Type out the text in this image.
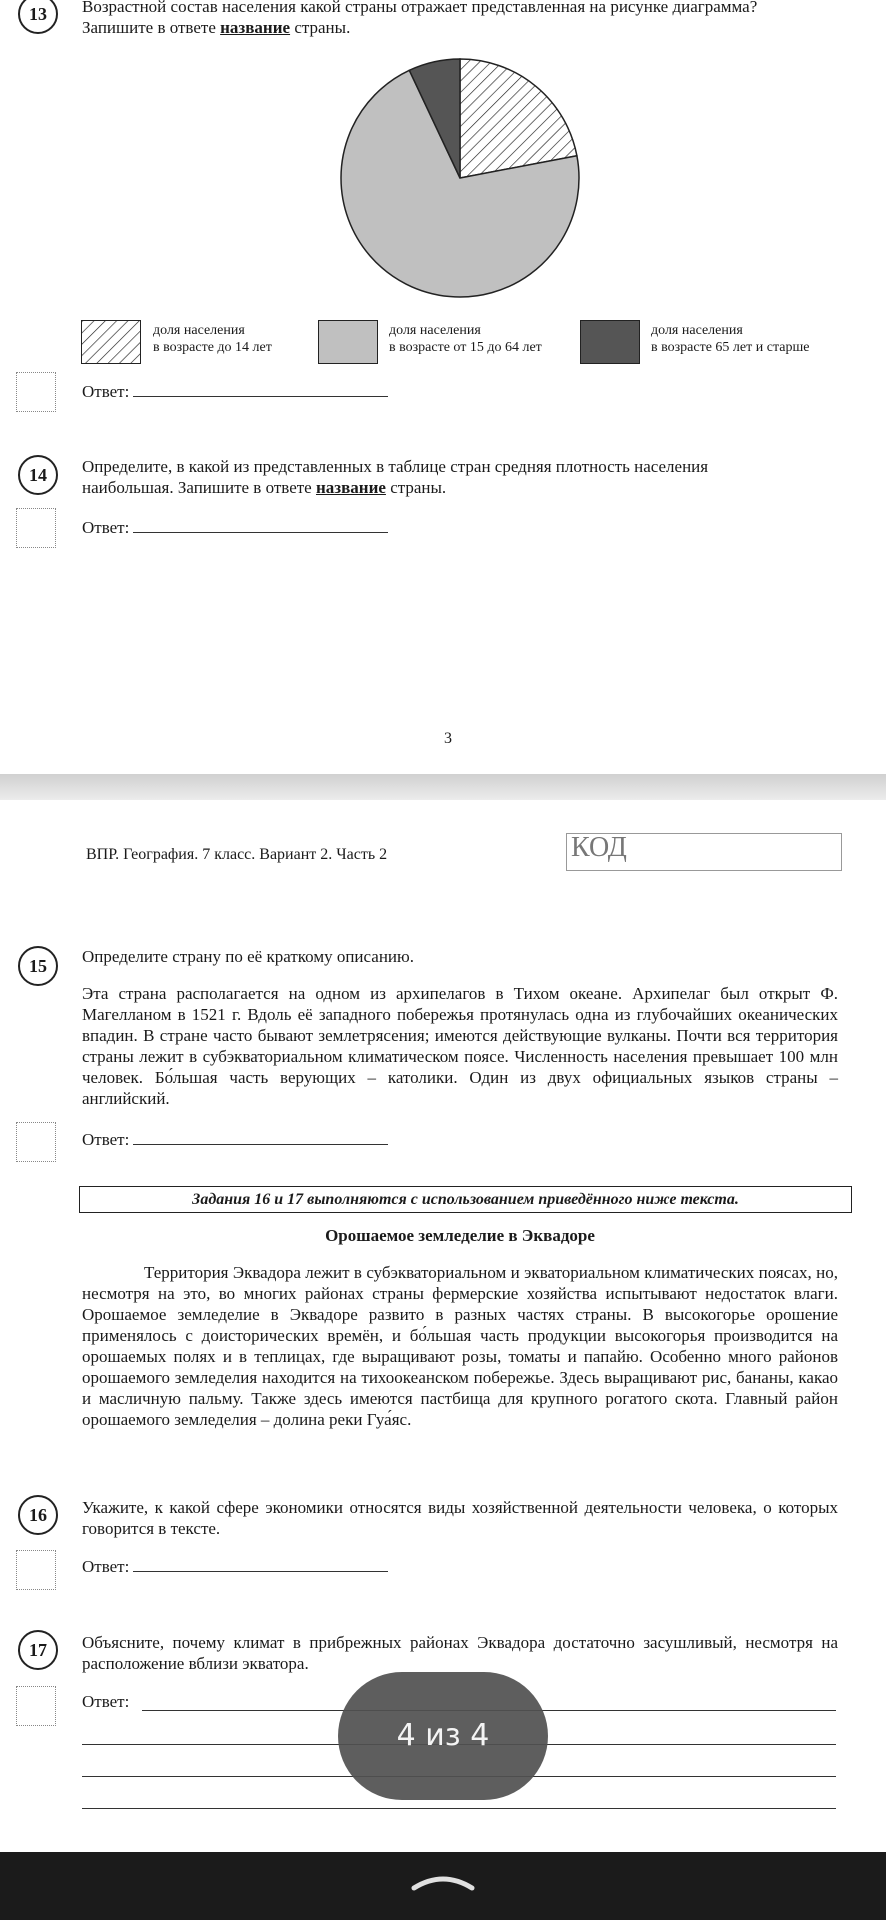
13	Возрастной состав населения какой страны отражает представленная на рисунке диаграмма?
Запишите в ответе название страны.
доля населения
в возрасте до 14 лет
доля населения
в возрасте от 15 до 64 лет
доля населения
в возрасте 65 лет и старше
Ответ:
14	Определите, в какой из представленных в таблице стран средняя плотность населения
наибольшая. Запишите в ответе название страны.
Ответ:
3
ВПР. География. 7 класс. Вариант 2. Часть 2	КОД
15	Определите страну по её краткому описанию.
Эта страна располагается на одном из архипелагов в Тихом океане. Архипелаг был открыт Ф. Магелланом в 1521 г. Вдоль её западного побережья протянулась одна из глубочайших океанических впадин. В стране часто бывают землетрясения; имеются действующие вулканы. Почти вся территория страны лежит в субэкваториальном климатическом поясе. Численность населения превышает 100 млн человек. Бо́льшая часть верующих – католики. Один из двух официальных языков страны – английский.
Ответ:
Задания 16 и 17 выполняются с использованием приведённого ниже текста.
Орошаемое земледелие в Эквадоре
Территория Эквадора лежит в субэкваториальном и экваториальном климатических поясах, но, несмотря на это, во многих районах страны фермерские хозяйства испытывают недостаток влаги. Орошаемое земледелие в Эквадоре развито в разных частях страны. В высокогорье орошение применялось с доисторических времён, и бо́льшая часть продукции высокогорья производится на орошаемых полях и в теплицах, где выращивают розы, томаты и папайю. Особенно много районов орошаемого земледелия находится на тихоокеанском побережье. Здесь выращивают рис, бананы, какао и масличную пальму. Также здесь имеются пастбища для крупного рогатого скота. Главный район орошаемого земледелия – долина реки Гуа́яс.
16	Укажите, к какой сфере экономики относятся виды хозяйственной деятельности человека, о которых говорится в тексте.
Ответ:
17	Объясните, почему климат в прибрежных районах Эквадора достаточно засушливый, несмотря на расположение вблизи экватора.
Ответ:
4 из 4
